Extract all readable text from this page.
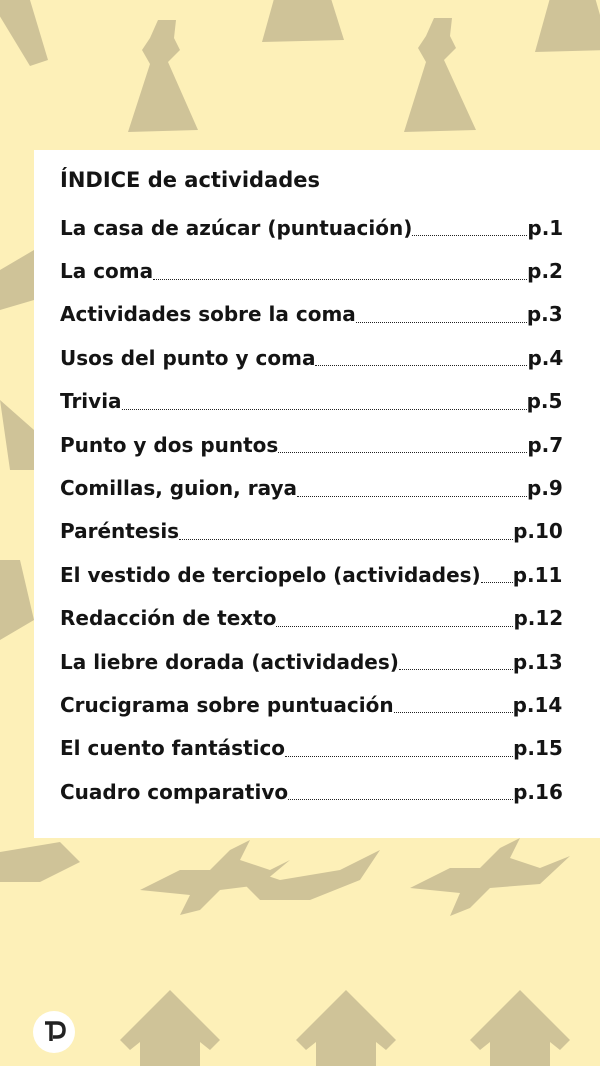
ÍNDICE de actividades
La casa de azúcar (puntuación)	p.1
La coma	p.2
Actividades sobre la coma	p.3
Usos del punto y coma	p.4
Trivia	p.5
Punto y dos puntos	p.7
Comillas, guion, raya	p.9
Paréntesis	p.10
El vestido de terciopelo (actividades) p.11
Redacción de texto	p.12
La liebre dorada (actividades)	p.13
Crucigrama sobre puntuación	p.14
El cuento fantástico	p.15
Cuadro comparativo	p.16
